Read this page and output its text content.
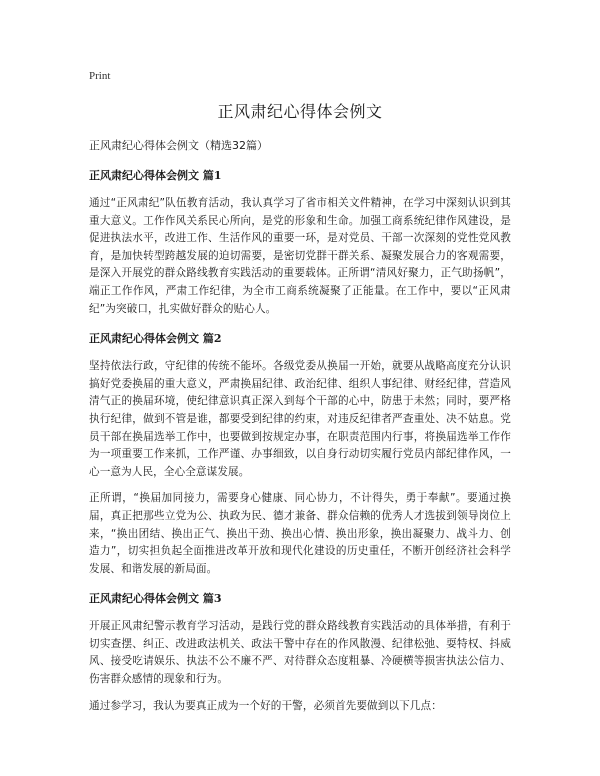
Print
正风肃纪心得体会例文
正风肃纪心得体会例文（精选32篇）
正风肃纪心得体会例文 篇1

通过“正风肃纪”队伍教育活动，我认真学习了省市相关文件精神，在学习中深刻认识到其重大意义。工作作风关系民心所向，是党的形象和生命。加强工商系统纪律作风建设，是促进执法水平，改进工作、生活作风的重要一环，是对党员、干部一次深刻的党性党风教育，是加快转型跨越发展的迫切需要，是密切党群干群关系、凝聚发展合力的客观需要，是深入开展党的群众路线教育实践活动的重要载体。正所谓“清风好聚力，正气助扬帆”，端正工作作风，严肃工作纪律，为全市工商系统凝聚了正能量。在工作中，要以“正风肃纪”为突破口，扎实做好群众的贴心人。

正风肃纪心得体会例文 篇2

坚持依法行政，守纪律的传统不能坏。各级党委从换届一开始，就要从战略高度充分认识搞好党委换届的重大意义，严肃换届纪律、政治纪律、组织人事纪律、财经纪律，营造风清气正的换届环境，使纪律意识真正深入到每个干部的心中，防患于未然；同时，要严格执行纪律，做到不管是谁，都要受到纪律的约束，对违反纪律者严查重处、决不姑息。党员干部在换届选举工作中，也要做到按规定办事，在职责范围内行事，将换届选举工作作为一项重要工作来抓，工作严谨、办事细致，以自身行动切实履行党员内部纪律作风，一心一意为人民，全心全意谋发展。

正所谓，“换届加同接力，需要身心健康、同心协力，不计得失，勇于奉献”。要通过换届，真正把那些立党为公、执政为民、德才兼备、群众信赖的优秀人才选拔到领导岗位上来，“换出团结、换出正气、换出干劲、换出心情、换出形象，换出凝聚力、战斗力、创造力”，切实担负起全面推进改革开放和现代化建设的历史重任，不断开创经济社会科学发展、和谐发展的新局面。

正风肃纪心得体会例文 篇3

开展正风肃纪警示教育学习活动，是践行党的群众路线教育实践活动的具体举措，有利于切实查摆、纠正、改进政法机关、政法干警中存在的作风散漫、纪律松弛、耍特权、抖威风、接受吃请娱乐、执法不公不廉不严、对待群众态度粗暴、冷硬横等损害执法公信力、伤害群众感情的现象和行为。

通过参学习，我认为要真正成为一个好的干警，必须首先要做到以下几点：
